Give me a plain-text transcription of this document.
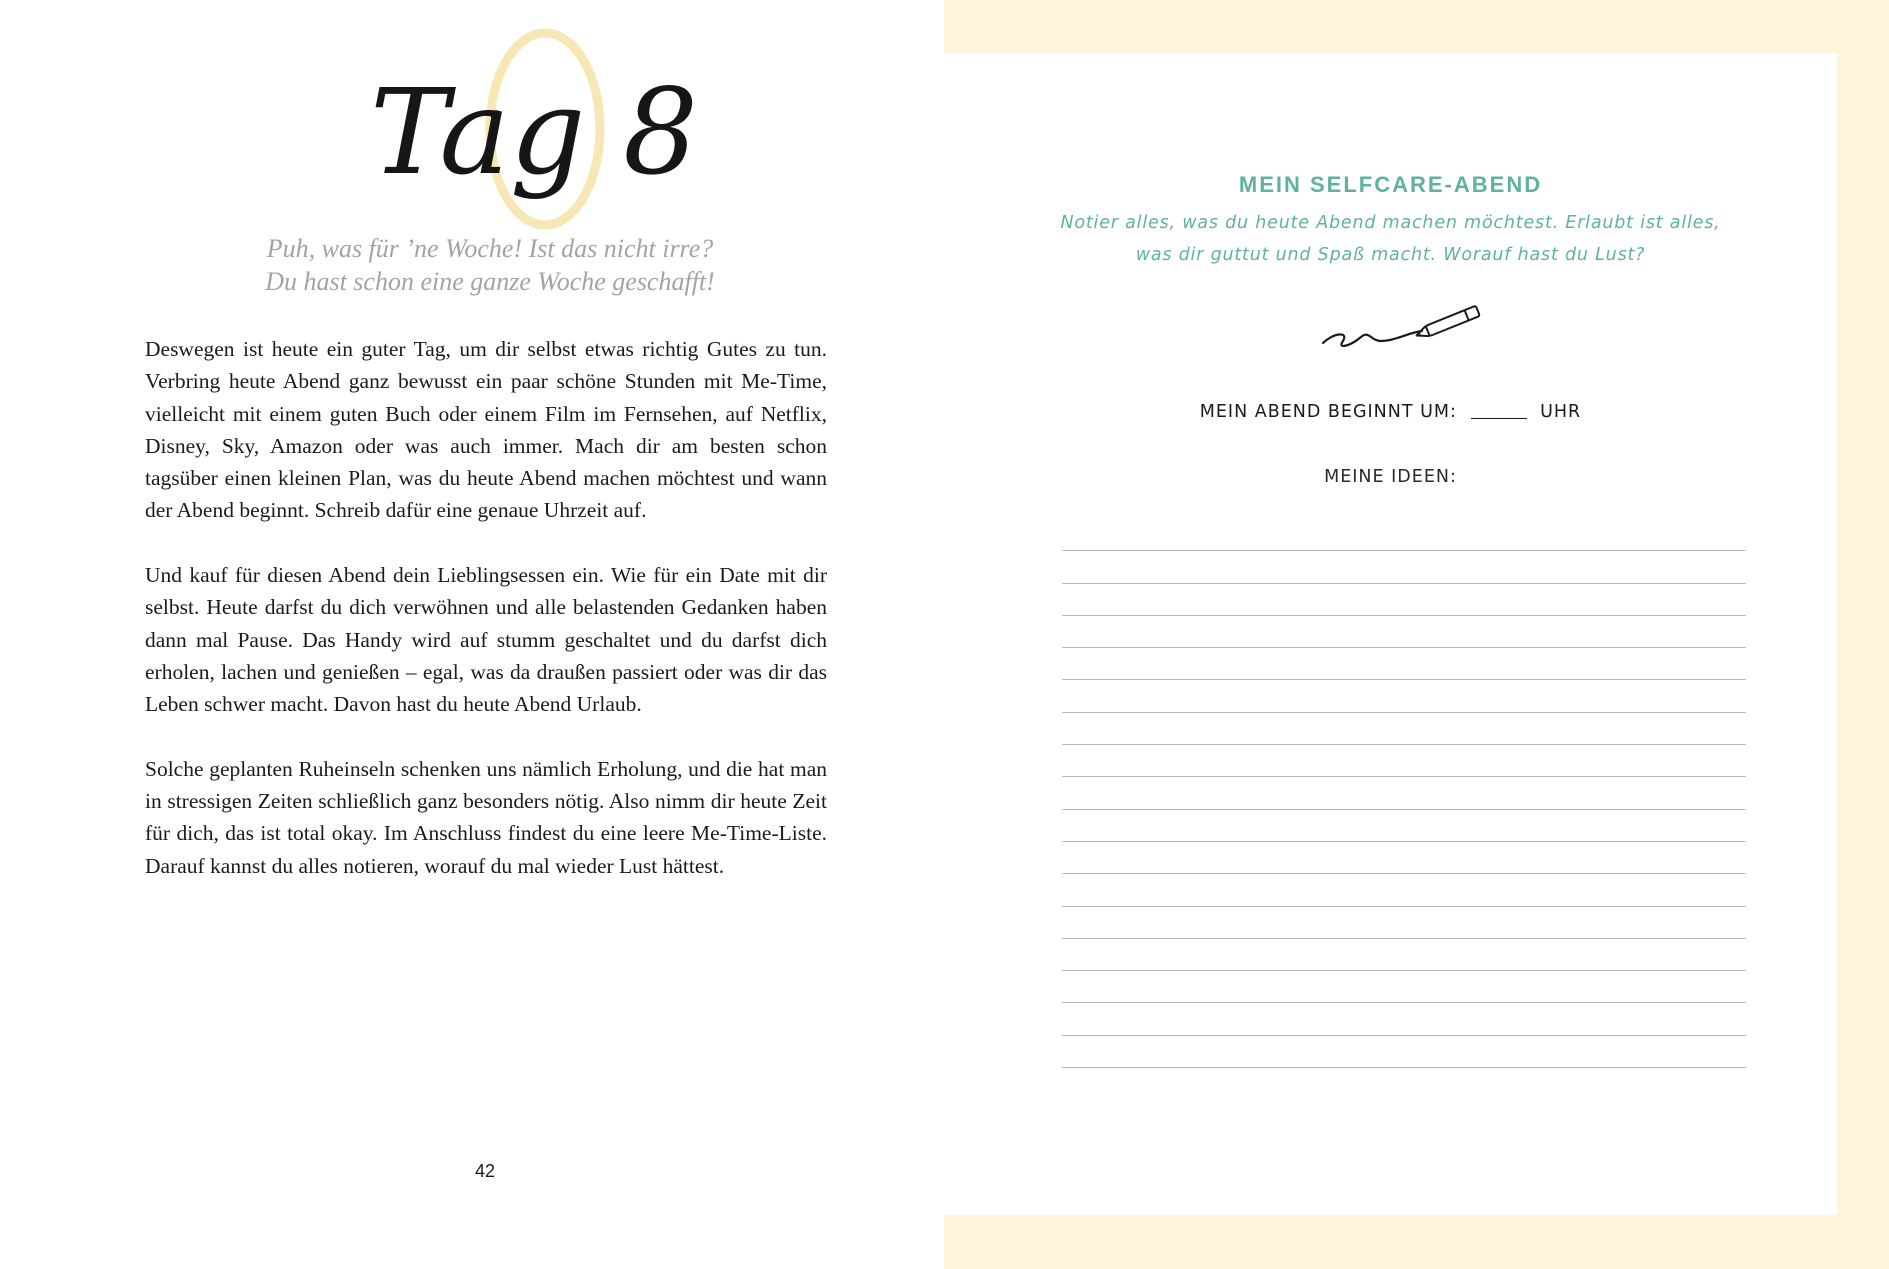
Tag 8
Puh, was für ’ne Woche! Ist das nicht irre?
Du hast schon eine ganze Woche geschafft!

Deswegen ist heute ein guter Tag, um dir selbst etwas richtig Gutes zu tun. Verbring heute Abend ganz bewusst ein paar schöne Stunden mit Me-Time, vielleicht mit einem guten Buch oder einem Film im Fernsehen, auf Netflix, Disney, Sky, Amazon oder was auch immer. Mach dir am besten schon tagsüber einen kleinen Plan, was du heute Abend machen möchtest und wann der Abend beginnt. Schreib dafür eine genaue Uhrzeit auf.

Und kauf für diesen Abend dein Lieblingsessen ein. Wie für ein Date mit dir selbst. Heute darfst du dich verwöhnen und alle belastenden Gedanken haben dann mal Pause. Das Handy wird auf stumm geschaltet und du darfst dich erholen, lachen und genießen – egal, was da draußen passiert oder was dir das Leben schwer macht. Davon hast du heute Abend Urlaub.

Solche geplanten Ruheinseln schenken uns nämlich Erholung, und die hat man in stressigen Zeiten schließlich ganz besonders nötig. Also nimm dir heute Zeit für dich, das ist total okay. Im Anschluss findest du eine leere Me-Time-Liste. Darauf kannst du alles notieren, worauf du mal wieder Lust hättest.

42
MEIN SELFCARE-ABEND
Notier alles, was du heute Abend machen möchtest. Erlaubt ist alles,
was dir guttut und Spaß macht. Worauf hast du Lust?
MEIN ABEND BEGINNT UM:	UHR
MEINE IDEEN:
